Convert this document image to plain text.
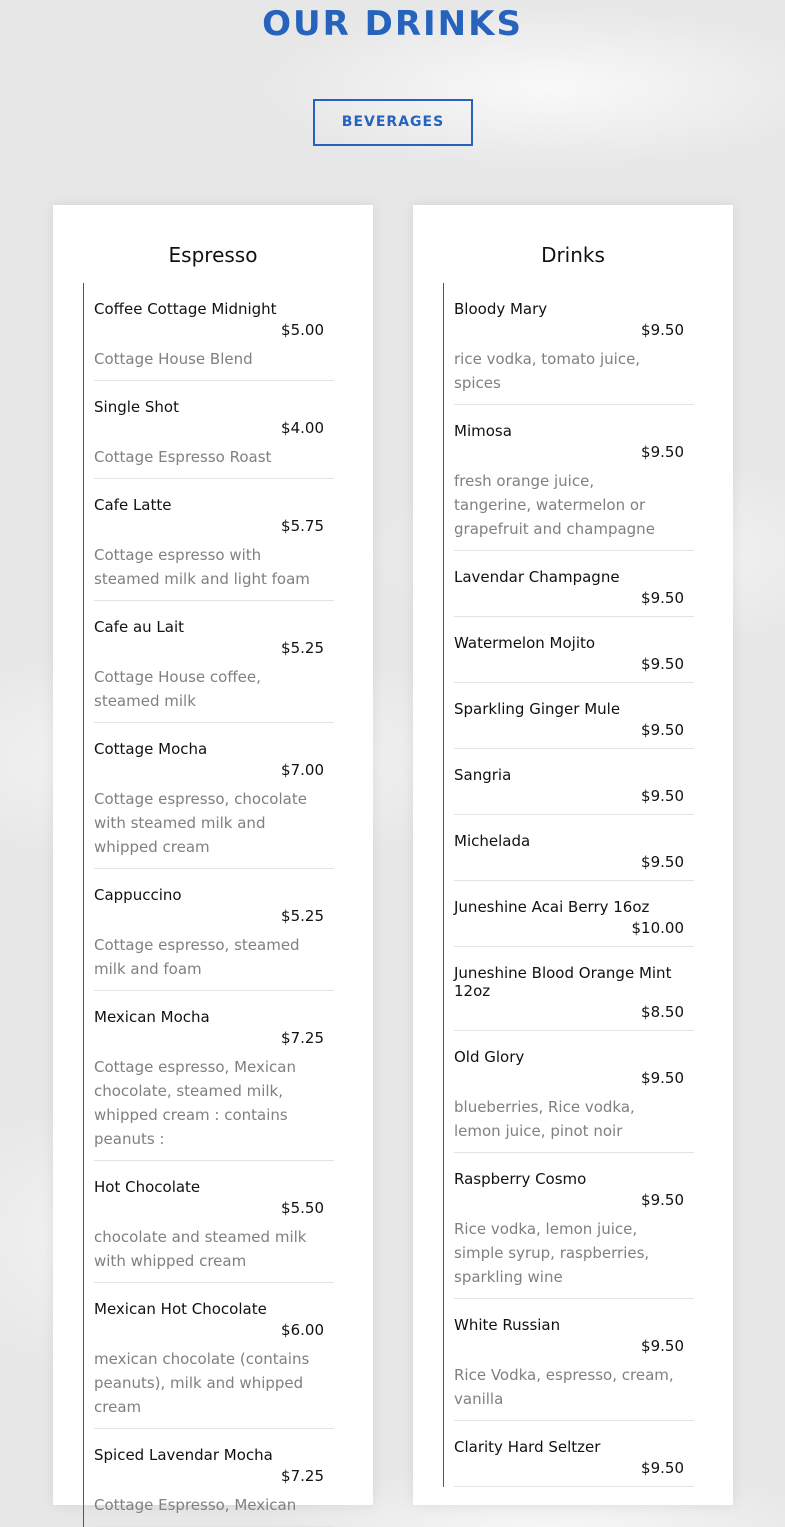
OUR DRINKS
BEVERAGES
Espresso
Coffee Cottage Midnight
$5.00
Cottage House Blend
Single Shot
$4.00
Cottage Espresso Roast
Cafe Latte
$5.75
Cottage espresso with steamed milk and light foam
Cafe au Lait
$5.25
Cottage House coffee, steamed milk
Cottage Mocha
$7.00
Cottage espresso, chocolate with steamed milk and whipped cream
Cappuccino
$5.25
Cottage espresso, steamed milk and foam
Mexican Mocha
$7.25
Cottage espresso, Mexican chocolate, steamed milk, whipped cream : contains peanuts :
Hot Chocolate
$5.50
chocolate and steamed milk with whipped cream
Mexican Hot Chocolate
$6.00
mexican chocolate (contains peanuts), milk and whipped cream
Spiced Lavendar Mocha
$7.25
Cottage Espresso, Mexican
Drinks
Bloody Mary
$9.50
rice vodka, tomato juice, spices
Mimosa
$9.50
fresh orange juice, tangerine, watermelon or grapefruit and champagne
Lavendar Champagne
$9.50
Watermelon Mojito
$9.50
Sparkling Ginger Mule
$9.50
Sangria
$9.50
Michelada
$9.50
Juneshine Acai Berry 16oz
$10.00
Juneshine Blood Orange Mint 12oz
$8.50
Old Glory
$9.50
blueberries, Rice vodka, lemon juice, pinot noir
Raspberry Cosmo
$9.50
Rice vodka, lemon juice, simple syrup, raspberries, sparkling wine
White Russian
$9.50
Rice Vodka, espresso, cream, vanilla
Clarity Hard Seltzer
$9.50
